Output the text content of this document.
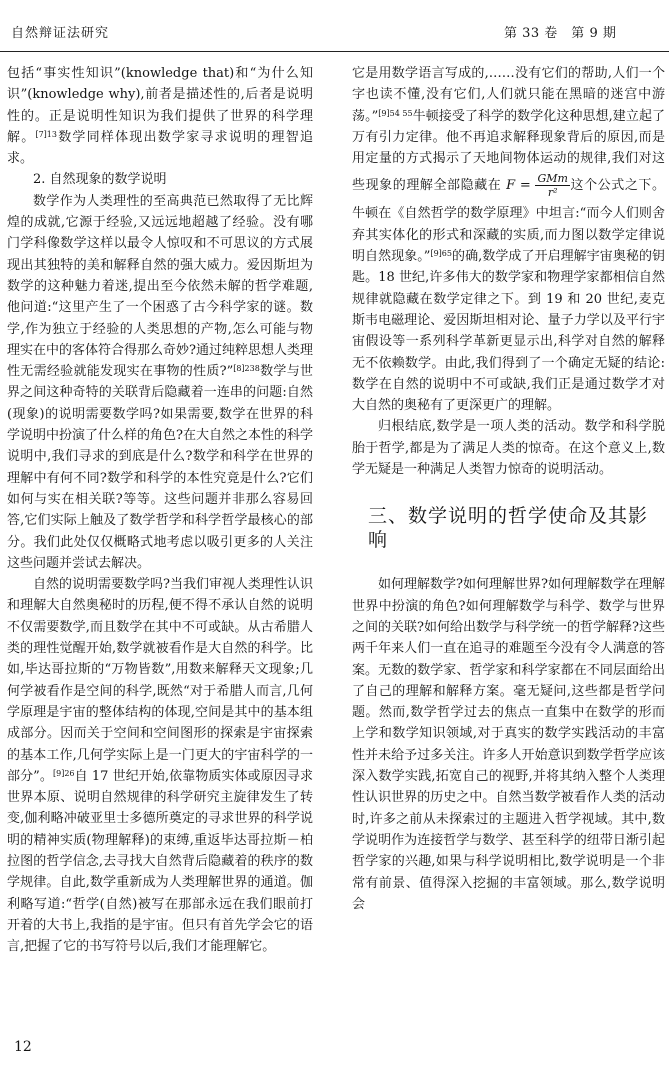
自然辩证法研究	第 33 卷　第 9 期

包括“事实性知识”(knowledge that)和“为什么知识”(knowledge why),前者是描述性的,后者是说明性的。正是说明性知识为我们提供了世界的科学理解。$^{[7]13}$数学同样体现出数学家寻求说明的理智追求。

2. 自然现象的数学说明

数学作为人类理性的至高典范已然取得了无比辉煌的成就,它源于经验,又远远地超越了经验。没有哪门学科像数学这样以最令人惊叹和不可思议的方式展现出其独特的美和解释自然的强大威力。爱因斯坦为数学的这种魅力着迷,提出至今依然未解的哲学难题,他问道:“这里产生了一个困惑了古今科学家的谜。数学,作为独立于经验的人类思想的产物,怎么可能与物理实在中的客体符合得那么奇妙?通过纯粹思想人类理性无需经验就能发现实在事物的性质?”$^{[8]238}$数学与世界之间这种奇特的关联背后隐藏着一连串的问题:自然(现象)的说明需要数学吗?如果需要,数学在世界的科学说明中扮演了什么样的角色?在大自然之本性的科学说明中,我们寻求的到底是什么?数学和科学在世界的理解中有何不同?数学和科学的本性究竟是什么?它们如何与实在相关联?等等。这些问题并非那么容易回答,它们实际上触及了数学哲学和科学哲学最核心的部分。我们此处仅仅概略式地考虑以吸引更多的人关注这些问题并尝试去解决。

自然的说明需要数学吗?当我们审视人类理性认识和理解大自然奥秘时的历程,便不得不承认自然的说明不仅需要数学,而且数学在其中不可或缺。从古希腊人类的理性觉醒开始,数学就被看作是大自然的科学。比如,毕达哥拉斯的“万物皆数”,用数来解释天文现象;几何学被看作是空间的科学,既然“对于希腊人而言,几何学原理是宇宙的整体结构的体现,空间是其中的基本组成部分。因而关于空间和空间图形的探索是宇宙探索的基本工作,几何学实际上是一门更大的宇宙科学的一部分”。$^{[9]26}$自 17 世纪开始,依靠物质实体或原因寻求世界本原、说明自然规律的科学研究主旋律发生了转变,伽利略冲破亚里士多德所奠定的寻求世界的科学说明的精神实质(物理解释)的束缚,重返毕达哥拉斯－柏拉图的哲学信念,去寻找大自然背后隐藏着的秩序的数学规律。自此,数学重新成为人类理解世界的通道。伽利略写道:“哲学(自然)被写在那部永远在我们眼前打开着的大书上,我指的是宇宙。但只有首先学会它的语言,把握了它的书写符号以后,我们才能理解它。

它是用数学语言写成的,……没有它们的帮助,人们一个字也读不懂,没有它们,人们就只能在黑暗的迷宫中游荡。”$^{[9]54 55}$牛顿接受了科学的数学化这种思想,建立起了万有引力定律。他不再追求解释现象背后的原因,而是用定量的方式揭示了天地间物体运动的规律,我们对这些现象的理解全部隐藏在 $F = \frac{\text{GMm}}{\text{r²}}$ 这个公式之下。牛顿在《自然哲学的数学原理》中坦言:“而今人们则舍弃其实体化的形式和深藏的实质,而力图以数学定律说明自然现象。”$^{[9]65}$的确,数学成了开启理解宇宙奥秘的钥匙。18 世纪,许多伟大的数学家和物理学家都相信自然规律就隐藏在数学定律之下。到 19 和 20 世纪,麦克斯韦电磁理论、爱因斯坦相对论、量子力学以及平行宇宙假设等一系列科学革新更显示出,科学对自然的解释无不依赖数学。由此,我们得到了一个确定无疑的结论:数学在自然的说明中不可或缺,我们正是通过数学才对大自然的奥秘有了更深更广的理解。

归根结底,数学是一项人类的活动。数学和科学脱胎于哲学,都是为了满足人类的惊奇。在这个意义上,数学无疑是一种满足人类智力惊奇的说明活动。

三、数学说明的哲学使命及其影响

如何理解数学?如何理解世界?如何理解数学在理解世界中扮演的角色?如何理解数学与科学、数学与世界之间的关联?如何给出数学与科学统一的哲学解释?这些两千年来人们一直在追寻的难题至今没有令人满意的答案。无数的数学家、哲学家和科学家都在不同层面给出了自己的理解和解释方案。毫无疑问,这些都是哲学问题。然而,数学哲学过去的焦点一直集中在数学的形而上学和数学知识领域,对于真实的数学实践活动的丰富性并未给予过多关注。许多人开始意识到数学哲学应该深入数学实践,拓宽自己的视野,并将其纳入整个人类理性认识世界的历史之中。自然当数学被看作人类的活动时,许多之前从未探索过的主题进入哲学视域。其中,数学说明作为连接哲学与数学、甚至科学的纽带日渐引起哲学家的兴趣,如果与科学说明相比,数学说明是一个非常有前景、值得深入挖掘的丰富领域。那么,数学说明会

12
